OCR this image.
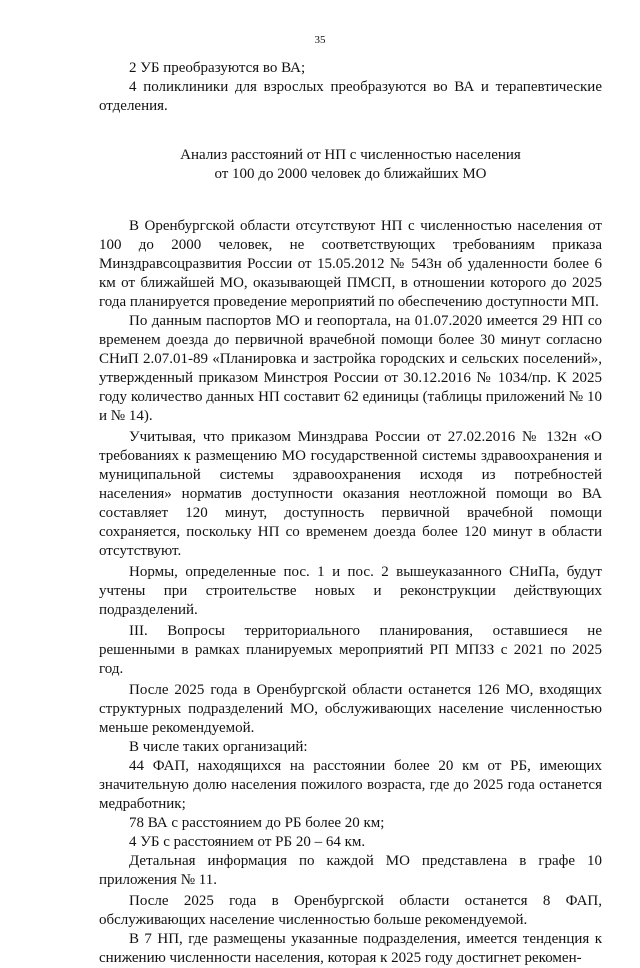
35

2 УБ преобразуются во ВА;

4 поликлиники для взрослых преобразуются во ВА и терапевтические отделения.

Анализ расстояний от НП с численностью населения
от 100 до 2000 человек до ближайших МО

В Оренбургской области отсутствуют НП с численностью населения от 100 до 2000 человек, не соответствующих требованиям приказа Минздравсоцразвития России от 15.05.2012 № 543н об удаленности более 6 км от ближайшей МО, оказывающей ПМСП, в отношении которого до 2025 года планируется проведение мероприятий по обеспечению доступности МП.

По данным паспортов МО и геопортала, на 01.07.2020 имеется 29 НП со временем доезда до первичной врачебной помощи более 30 минут согласно СНиП 2.07.01-89 «Планировка и застройка городских и сельских поселений», утвержденный приказом Минстроя России от 30.12.2016 № 1034/пр. К 2025 году количество данных НП составит 62 единицы (таблицы приложений № 10 и № 14).

Учитывая, что приказом Минздрава России от 27.02.2016 № 132н «О требованиях к размещению МО государственной системы здравоохранения и муниципальной системы здравоохранения исходя из потребностей населения» норматив доступности оказания неотложной помощи во ВА составляет 120 минут, доступность первичной врачебной помощи сохраняется, поскольку НП со временем доезда более 120 минут в области отсутствуют.

Нормы, определенные пос. 1 и пос. 2 вышеуказанного СНиПа, будут учтены при строительстве новых и реконструкции действующих подразделений.

III. Вопросы территориального планирования, оставшиеся не решенными в рамках планируемых мероприятий РП МПЗЗ с 2021 по 2025 год.

После 2025 года в Оренбургской области останется 126 МО, входящих структурных подразделений МО, обслуживающих население численностью меньше рекомендуемой.

В числе таких организаций:

44 ФАП, находящихся на расстоянии более 20 км от РБ, имеющих значительную долю населения пожилого возраста, где до 2025 года останется медработник;

78 ВА с расстоянием до РБ более 20 км;

4 УБ с расстоянием от РБ 20 – 64 км.

Детальная информация по каждой МО представлена в графе 10 приложения № 11.

После 2025 года в Оренбургской области останется 8 ФАП, обслуживающих население численностью больше рекомендуемой.

В 7 НП, где размещены указанные подразделения, имеется тенденция к снижению численности населения, которая к 2025 году достигнет рекомен-
